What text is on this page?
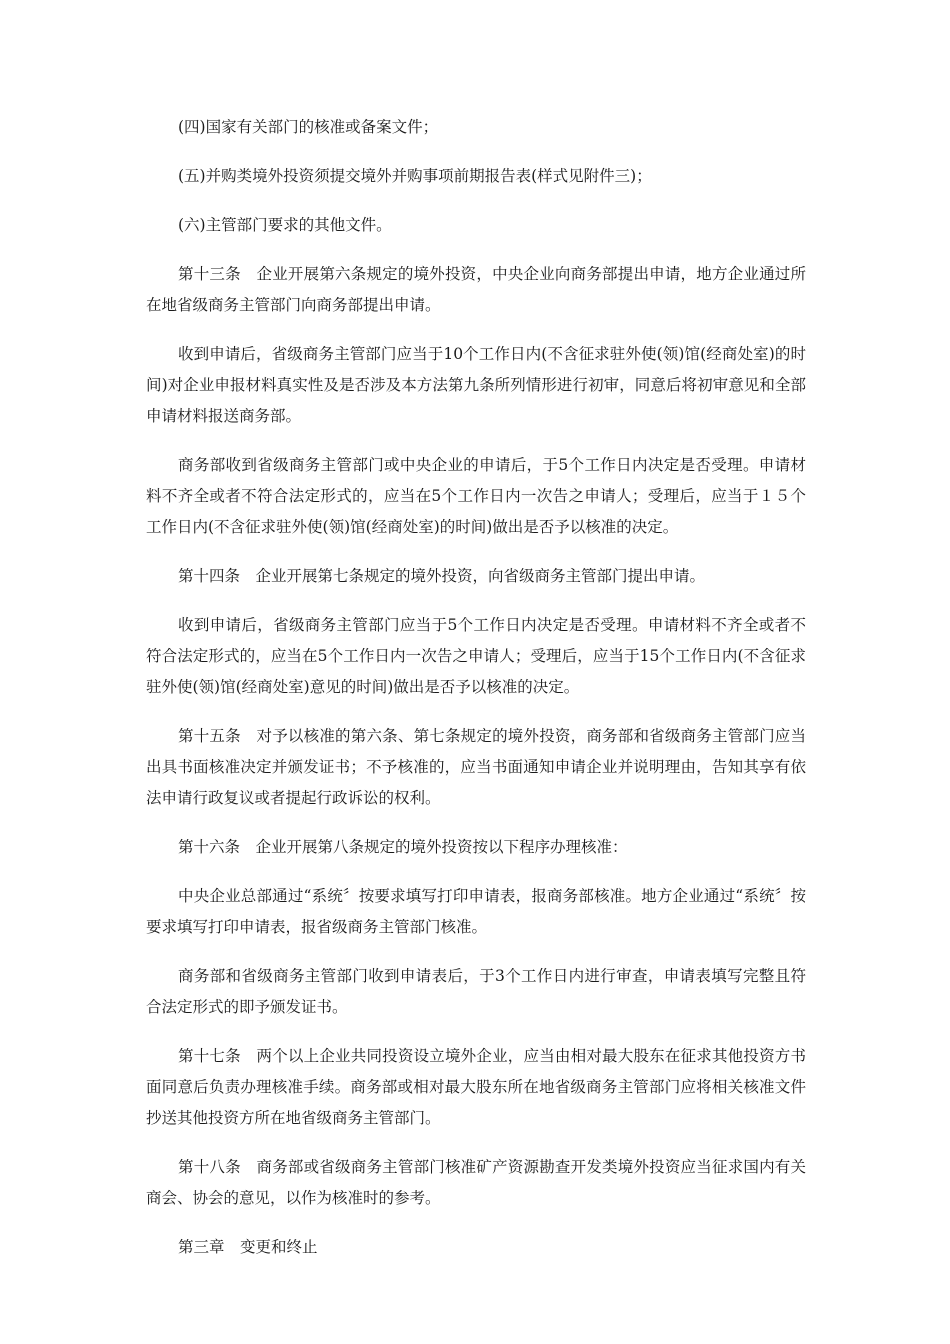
(四)国家有关部门的核准或备案文件；

(五)并购类境外投资须提交境外并购事项前期报告表(样式见附件三)；

(六)主管部门要求的其他文件。

第十三条　企业开展第六条规定的境外投资，中央企业向商务部提出申请，地方企业通过所在地省级商务主管部门向商务部提出申请。

收到申请后，省级商务主管部门应当于10个工作日内(不含征求驻外使(领)馆(经商处室)的时间)对企业申报材料真实性及是否涉及本方法第九条所列情形进行初审，同意后将初审意见和全部申请材料报送商务部。

商务部收到省级商务主管部门或中央企业的申请后，于5个工作日内决定是否受理。申请材料不齐全或者不符合法定形式的，应当在5个工作日内一次告之申请人；受理后，应当于１５个工作日内(不含征求驻外使(领)馆(经商处室)的时间)做出是否予以核准的决定。

第十四条　企业开展第七条规定的境外投资，向省级商务主管部门提出申请。

收到申请后，省级商务主管部门应当于5个工作日内决定是否受理。申请材料不齐全或者不符合法定形式的，应当在5个工作日内一次告之申请人；受理后，应当于15个工作日内(不含征求驻外使(领)馆(经商处室)意见的时间)做出是否予以核准的决定。

第十五条　对予以核准的第六条、第七条规定的境外投资，商务部和省级商务主管部门应当出具书面核准决定并颁发证书；不予核准的，应当书面通知申请企业并说明理由，告知其享有依法申请行政复议或者提起行政诉讼的权利。

第十六条　企业开展第八条规定的境外投资按以下程序办理核准：

中央企业总部通过“系统〞按要求填写打印申请表，报商务部核准。地方企业通过“系统〞按要求填写打印申请表，报省级商务主管部门核准。

商务部和省级商务主管部门收到申请表后，于3个工作日内进行审查，申请表填写完整且符合法定形式的即予颁发证书。

第十七条　两个以上企业共同投资设立境外企业，应当由相对最大股东在征求其他投资方书面同意后负责办理核准手续。商务部或相对最大股东所在地省级商务主管部门应将相关核准文件抄送其他投资方所在地省级商务主管部门。

第十八条　商务部或省级商务主管部门核准矿产资源勘查开发类境外投资应当征求国内有关商会、协会的意见，以作为核准时的参考。

第三章　变更和终止
